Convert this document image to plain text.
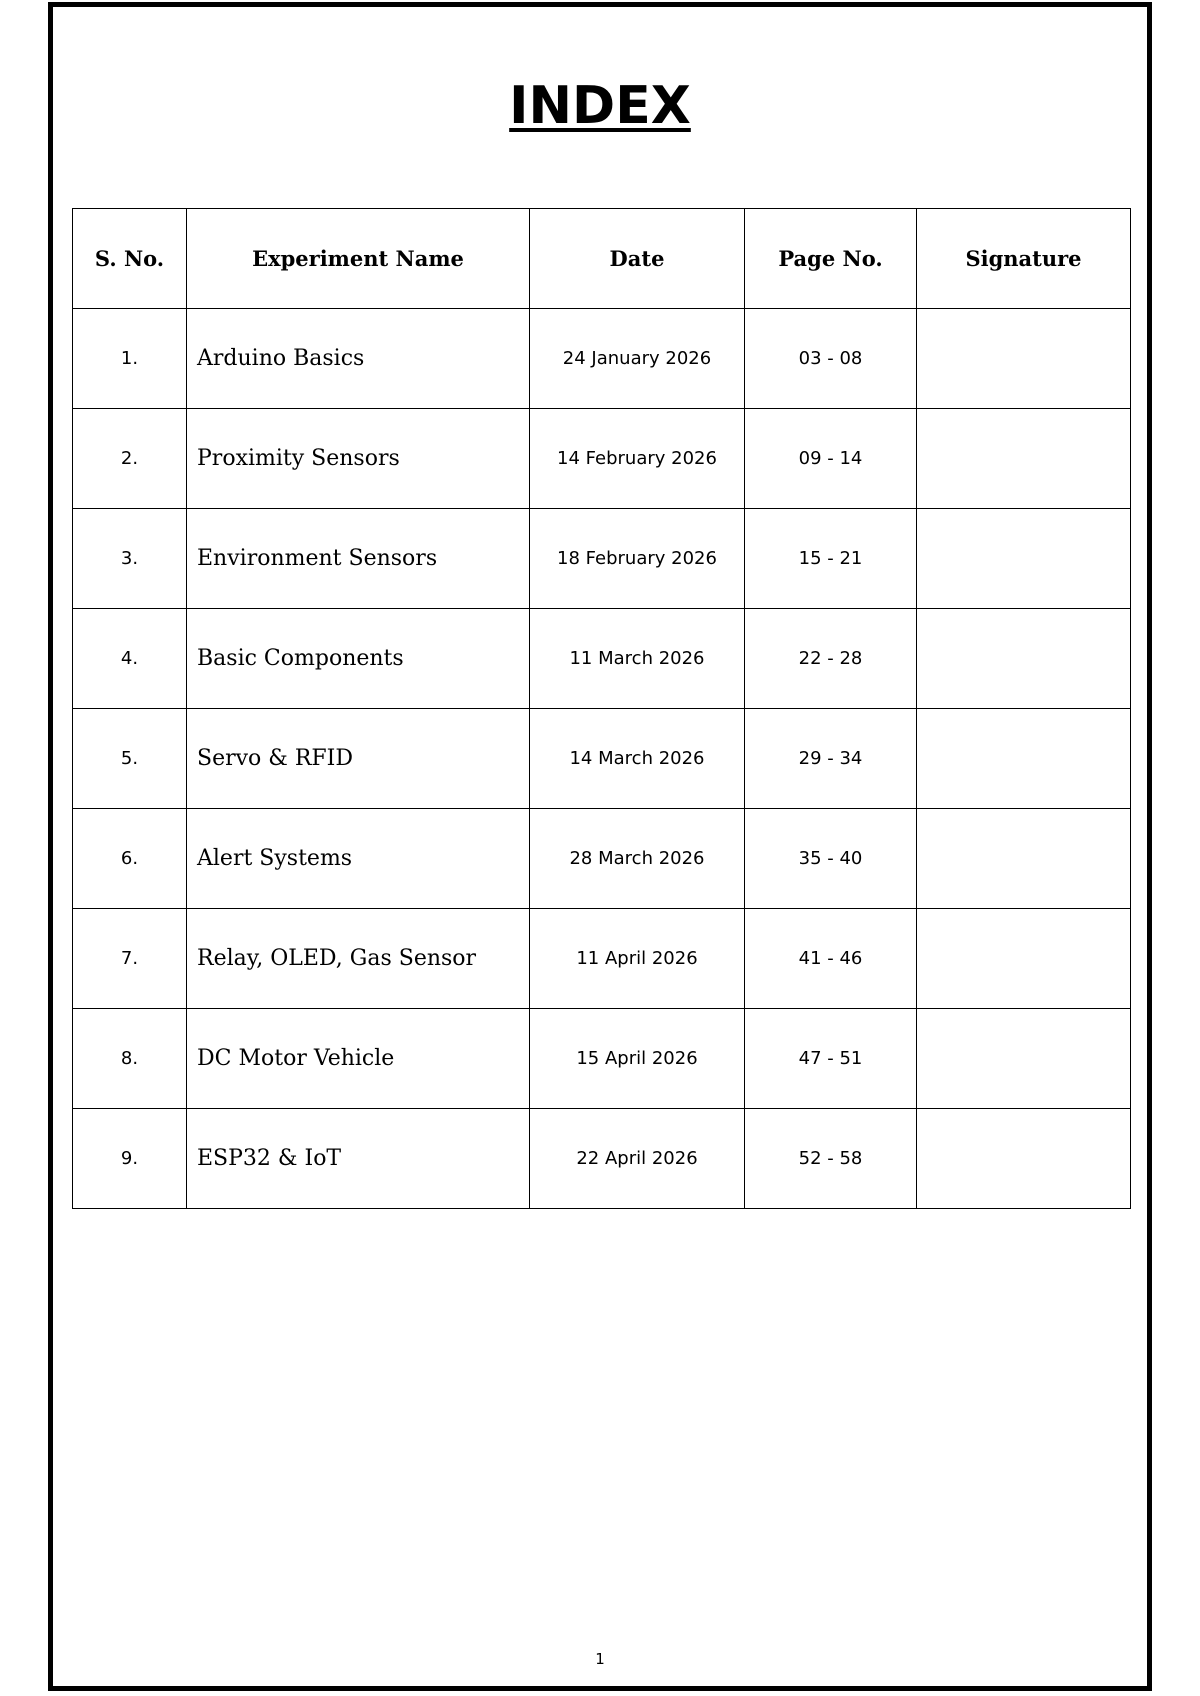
INDEX
S. No.	Experiment Name	Date	Page No.	Signature
1.	Arduino Basics	24 January 2026	03 - 08	
2.	Proximity Sensors	14 February 2026	09 - 14	
3.	Environment Sensors	18 February 2026	15 - 21	
4.	Basic Components	11 March 2026	22 - 28	
5.	Servo & RFID	14 March 2026	29 - 34	
6.	Alert Systems	28 March 2026	35 - 40	
7.	Relay, OLED, Gas Sensor	11 April 2026	41 - 46	
8.	DC Motor Vehicle	15 April 2026	47 - 51	
9.	ESP32 & IoT	22 April 2026	52 - 58	
1
